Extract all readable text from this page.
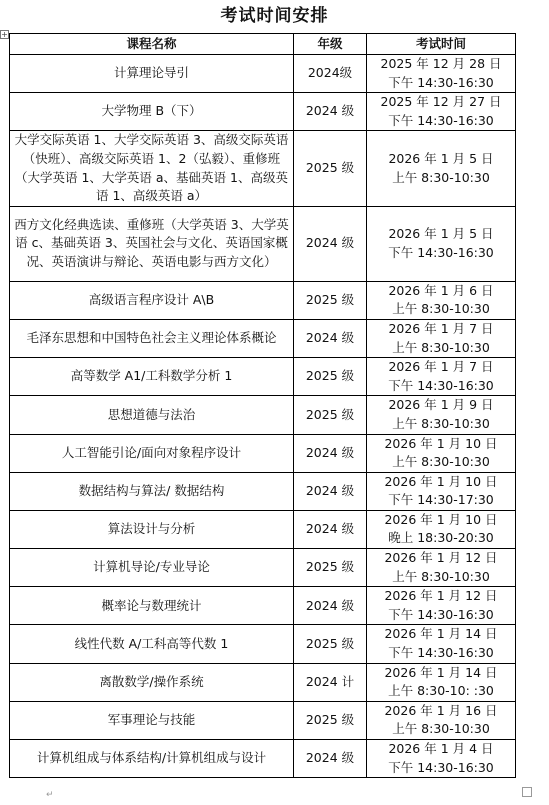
考试时间安排
+
课程名称	年级	考试时间
计算理论导引	2024级	2025 年 12 月 28 日
下午 14:30-16:30

大学物理 B（下）	2024 级	2025 年 12 月 27 日
下午 14:30-16:30

大学交际英语 1、大学交际英语 3、高级交际英语（快班）、高级交际英语 1、2（弘毅）、重修班（大学英语 1、大学英语 a、基础英语 1、高级英语 1、高级英语 a）	2025 级	2026 年 1 月 5 日
上午 8:30-10:30

西方文化经典选读、重修班（大学英语 3、大学英语 c、基础英语 3、英国社会与文化、英语国家概况、英语演讲与辩论、英语电影与西方文化）	2024 级	2026 年 1 月 5 日
下午 14:30-16:30

高级语言程序设计 A\B	2025 级	2026 年 1 月 6 日
上午 8:30-10:30

毛泽东思想和中国特色社会主义理论体系概论	2024 级	2026 年 1 月 7 日
上午 8:30-10:30

高等数学 A1/工科数学分析 1	2025 级	2026 年 1 月 7 日
下午 14:30-16:30

思想道德与法治	2025 级	2026 年 1 月 9 日
上午 8:30-10:30

人工智能引论/面向对象程序设计	2024 级	2026 年 1 月 10 日
上午 8:30-10:30

数据结构与算法/ 数据结构	2024 级	2026 年 1 月 10 日
下午 14:30-17:30

算法设计与分析	2024 级	2026 年 1 月 10 日
晚上 18:30-20:30

计算机导论/专业导论	2025 级	2026 年 1 月 12 日
上午 8:30-10:30

概率论与数理统计	2024 级	2026 年 1 月 12 日
下午 14:30-16:30

线性代数 A/工科高等代数 1	2025 级	2026 年 1 月 14 日
下午 14:30-16:30

离散数学/操作系统	2024 计	2026 年 1 月 14 日
上午 8:30-10: :30

军事理论与技能	2025 级	2026 年 1 月 16 日
上午 8:30-10:30

计算机组成与体系结构/计算机组成与设计	2024 级	2026 年 1 月 4 日
下午 14:30-16:30
↵
